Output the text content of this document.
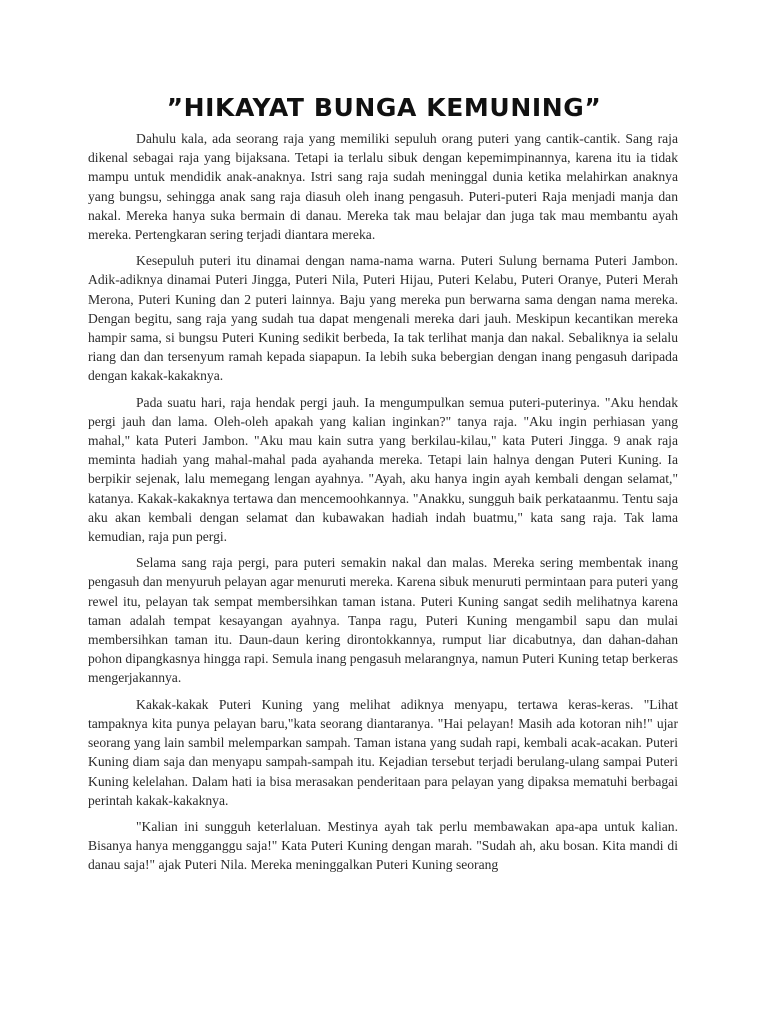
”HIKAYAT BUNGA KEMUNING”

Dahulu kala, ada seorang raja yang memiliki sepuluh orang puteri yang cantik-cantik. Sang raja dikenal sebagai raja yang bijaksana. Tetapi ia terlalu sibuk dengan kepemimpinannya, karena itu ia tidak mampu untuk mendidik anak-anaknya. Istri sang raja sudah meninggal dunia ketika melahirkan anaknya yang bungsu, sehingga anak sang raja diasuh oleh inang pengasuh. Puteri-puteri Raja menjadi manja dan nakal. Mereka hanya suka bermain di danau. Mereka tak mau belajar dan juga tak mau membantu ayah mereka. Pertengkaran sering terjadi diantara mereka.

Kesepuluh puteri itu dinamai dengan nama-nama warna. Puteri Sulung bernama Puteri Jambon. Adik-adiknya dinamai Puteri Jingga, Puteri Nila, Puteri Hijau, Puteri Kelabu, Puteri Oranye, Puteri Merah Merona, Puteri Kuning dan 2 puteri lainnya. Baju yang mereka pun berwarna sama dengan nama mereka. Dengan begitu, sang raja yang sudah tua dapat mengenali mereka dari jauh. Meskipun kecantikan mereka hampir sama, si bungsu Puteri Kuning sedikit berbeda, Ia tak terlihat manja dan nakal. Sebaliknya ia selalu riang dan dan tersenyum ramah kepada siapapun. Ia lebih suka bebergian dengan inang pengasuh daripada dengan kakak-kakaknya.

Pada suatu hari, raja hendak pergi jauh. Ia mengumpulkan semua puteri-puterinya. "Aku hendak pergi jauh dan lama. Oleh-oleh apakah yang kalian inginkan?" tanya raja. "Aku ingin perhiasan yang mahal," kata Puteri Jambon. "Aku mau kain sutra yang berkilau-kilau," kata Puteri Jingga. 9 anak raja meminta hadiah yang mahal-mahal pada ayahanda mereka. Tetapi lain halnya dengan Puteri Kuning. Ia berpikir sejenak, lalu memegang lengan ayahnya. "Ayah, aku hanya ingin ayah kembali dengan selamat," katanya. Kakak-kakaknya tertawa dan mencemoohkannya. "Anakku, sungguh baik perkataanmu. Tentu saja aku akan kembali dengan selamat dan kubawakan hadiah indah buatmu," kata sang raja. Tak lama kemudian, raja pun pergi.

Selama sang raja pergi, para puteri semakin nakal dan malas. Mereka sering membentak inang pengasuh dan menyuruh pelayan agar menuruti mereka. Karena sibuk menuruti permintaan para puteri yang rewel itu, pelayan tak sempat membersihkan taman istana. Puteri Kuning sangat sedih melihatnya karena taman adalah tempat kesayangan ayahnya. Tanpa ragu, Puteri Kuning mengambil sapu dan mulai membersihkan taman itu. Daun-daun kering dirontokkannya, rumput liar dicabutnya, dan dahan-dahan pohon dipangkasnya hingga rapi. Semula inang pengasuh melarangnya, namun Puteri Kuning tetap berkeras mengerjakannya.

Kakak-kakak Puteri Kuning yang melihat adiknya menyapu, tertawa keras-keras. "Lihat tampaknya kita punya pelayan baru,"kata seorang diantaranya. "Hai pelayan! Masih ada kotoran nih!" ujar seorang yang lain sambil melemparkan sampah. Taman istana yang sudah rapi, kembali acak-acakan. Puteri Kuning diam saja dan menyapu sampah-sampah itu. Kejadian tersebut terjadi berulang-ulang sampai Puteri Kuning kelelahan. Dalam hati ia bisa merasakan penderitaan para pelayan yang dipaksa mematuhi berbagai perintah kakak-kakaknya.

"Kalian ini sungguh keterlaluan. Mestinya ayah tak perlu membawakan apa-apa untuk kalian. Bisanya hanya mengganggu saja!" Kata Puteri Kuning dengan marah. "Sudah ah, aku bosan. Kita mandi di danau saja!" ajak Puteri Nila. Mereka meninggalkan Puteri Kuning seorang
